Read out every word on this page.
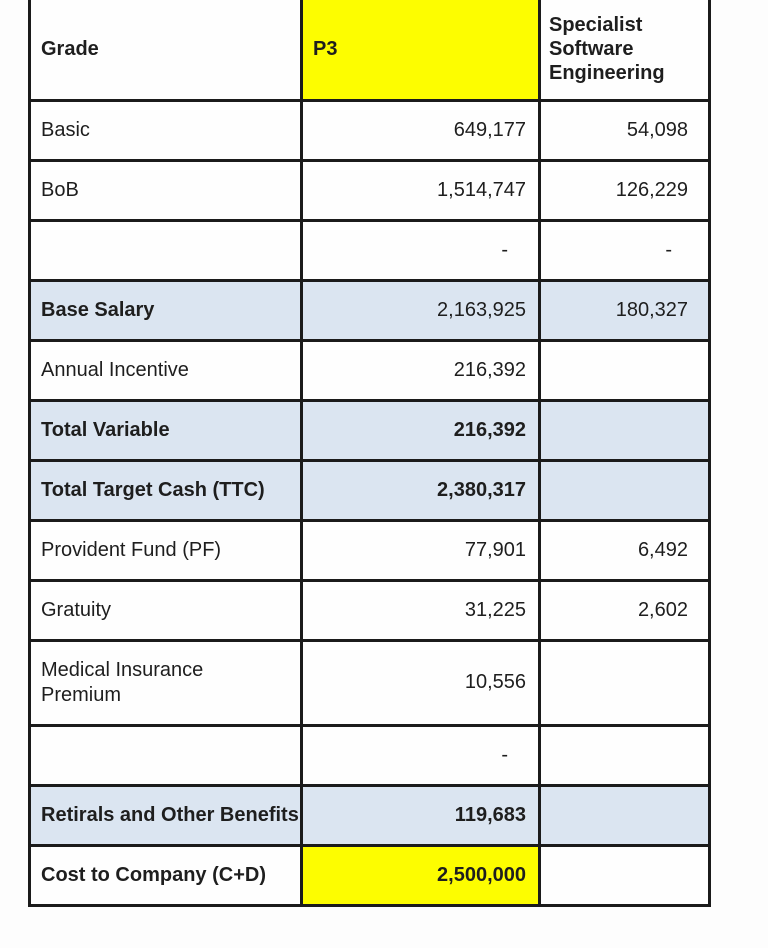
Grade	P3	Specialist Software Engineering
Basic	649,177	54,098
BoB	1,514,747	126,229
	-	-
Base Salary	2,163,925	180,327
Annual Incentive	216,392	
Total Variable	216,392	
Total Target Cash (TTC)	2,380,317	
Provident Fund (PF)	77,901	6,492
Gratuity	31,225	2,602
Medical Insurance Premium	10,556	
	-	
Retirals and Other Benefits	119,683	
Cost to Company (C+D)	2,500,000	
